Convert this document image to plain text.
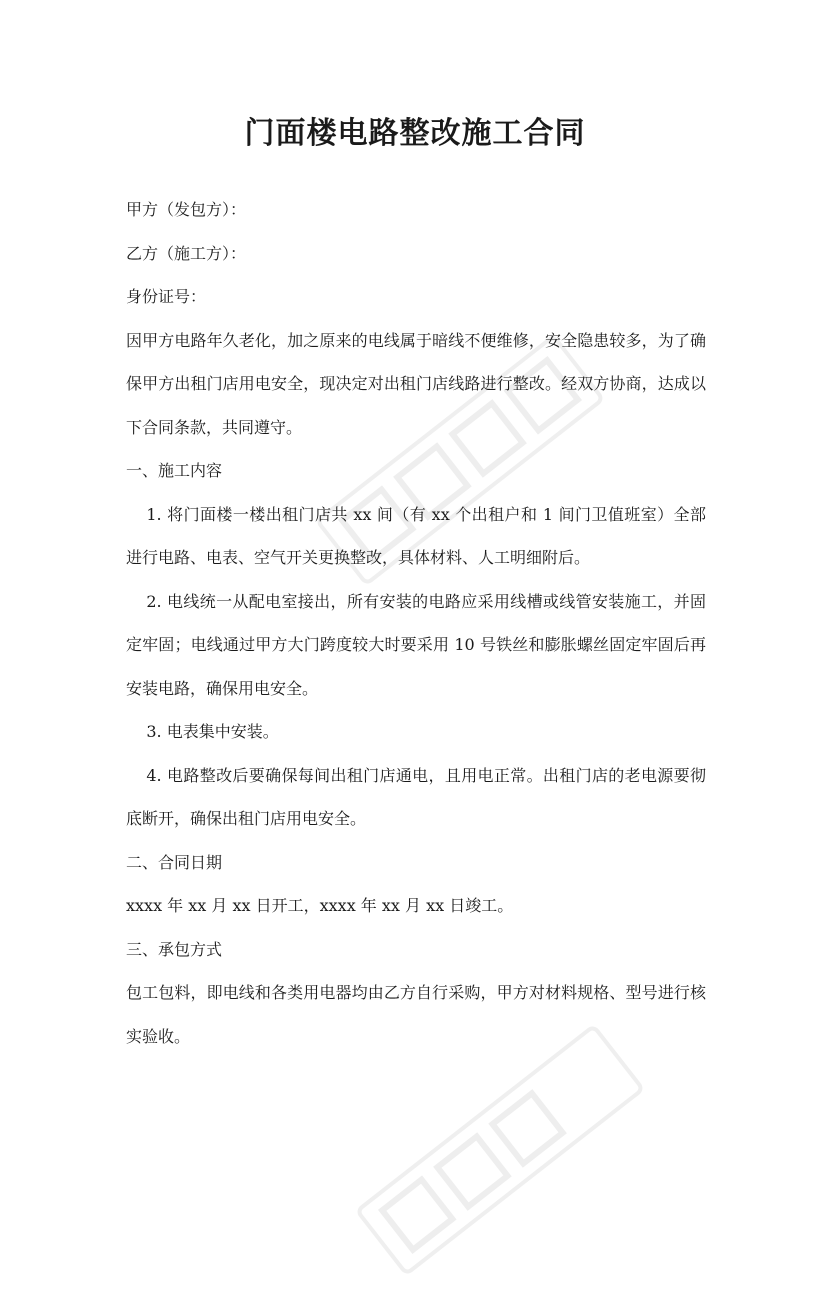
门面楼电路整改施工合同

甲方（发包方）：

乙方（施工方）：

身份证号：

因甲方电路年久老化，加之原来的电线属于暗线不便维修，安全隐患较多，为了确保甲方出租门店用电安全，现决定对出租门店线路进行整改。经双方协商，达成以下合同条款，共同遵守。

一、施工内容

1. 将门面楼一楼出租门店共 xx 间（有 xx 个出租户和 1 间门卫值班室）全部进行电路、电表、空气开关更换整改，具体材料、人工明细附后。

2. 电线统一从配电室接出，所有安装的电路应采用线槽或线管安装施工，并固定牢固；电线通过甲方大门跨度较大时要采用 10 号铁丝和膨胀螺丝固定牢固后再安装电路，确保用电安全。

3. 电表集中安装。

4. 电路整改后要确保每间出租门店通电，且用电正常。出租门店的老电源要彻底断开，确保出租门店用电安全。

二、合同日期

xxxx 年 xx 月 xx 日开工，xxxx 年 xx 月 xx 日竣工。

三、承包方式

包工包料，即电线和各类用电器均由乙方自行采购，甲方对材料规格、型号进行核实验收。
